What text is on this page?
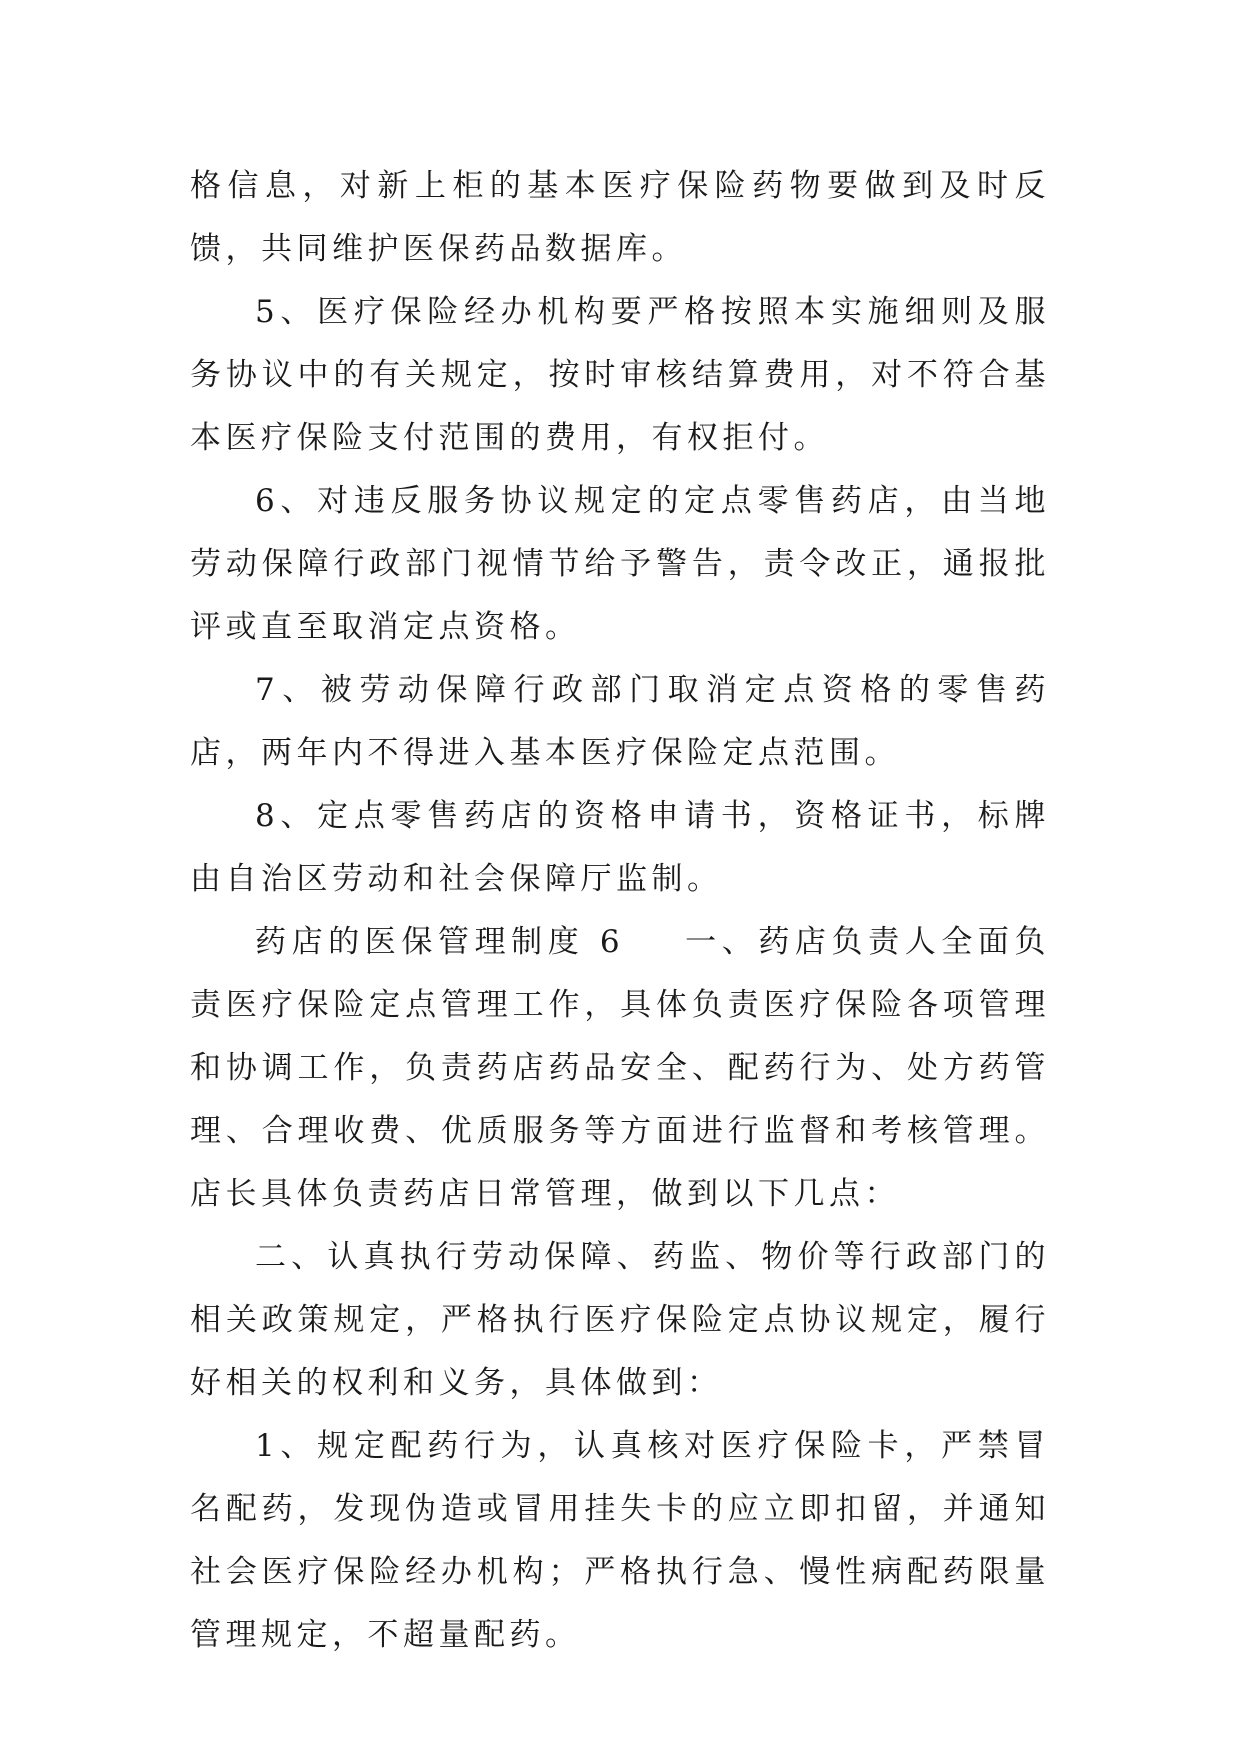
格信息，对新上柜的基本医疗保险药物要做到及时反馈，共同维护医保药品数据库。

5、医疗保险经办机构要严格按照本实施细则及服务协议中的有关规定，按时审核结算费用，对不符合基本医疗保险支付范围的费用，有权拒付。

6、对违反服务协议规定的定点零售药店，由当地劳动保障行政部门视情节给予警告，责令改正，通报批评或直至取消定点资格。

7、被劳动保障行政部门取消定点资格的零售药店，两年内不得进入基本医疗保险定点范围。

8、定点零售药店的资格申请书，资格证书，标牌由自治区劳动和社会保障厅监制。

药店的医保管理制度 6 一、药店负责人全面负责医疗保险定点管理工作，具体负责医疗保险各项管理和协调工作，负责药店药品安全、配药行为、处方药管理、合理收费、优质服务等方面进行监督和考核管理。店长具体负责药店日常管理，做到以下几点：

二、认真执行劳动保障、药监、物价等行政部门的相关政策规定，严格执行医疗保险定点协议规定，履行好相关的权利和义务，具体做到：

1、规定配药行为，认真核对医疗保险卡，严禁冒名配药，发现伪造或冒用挂失卡的应立即扣留，并通知社会医疗保险经办机构；严格执行急、慢性病配药限量管理规定，不超量配药。
